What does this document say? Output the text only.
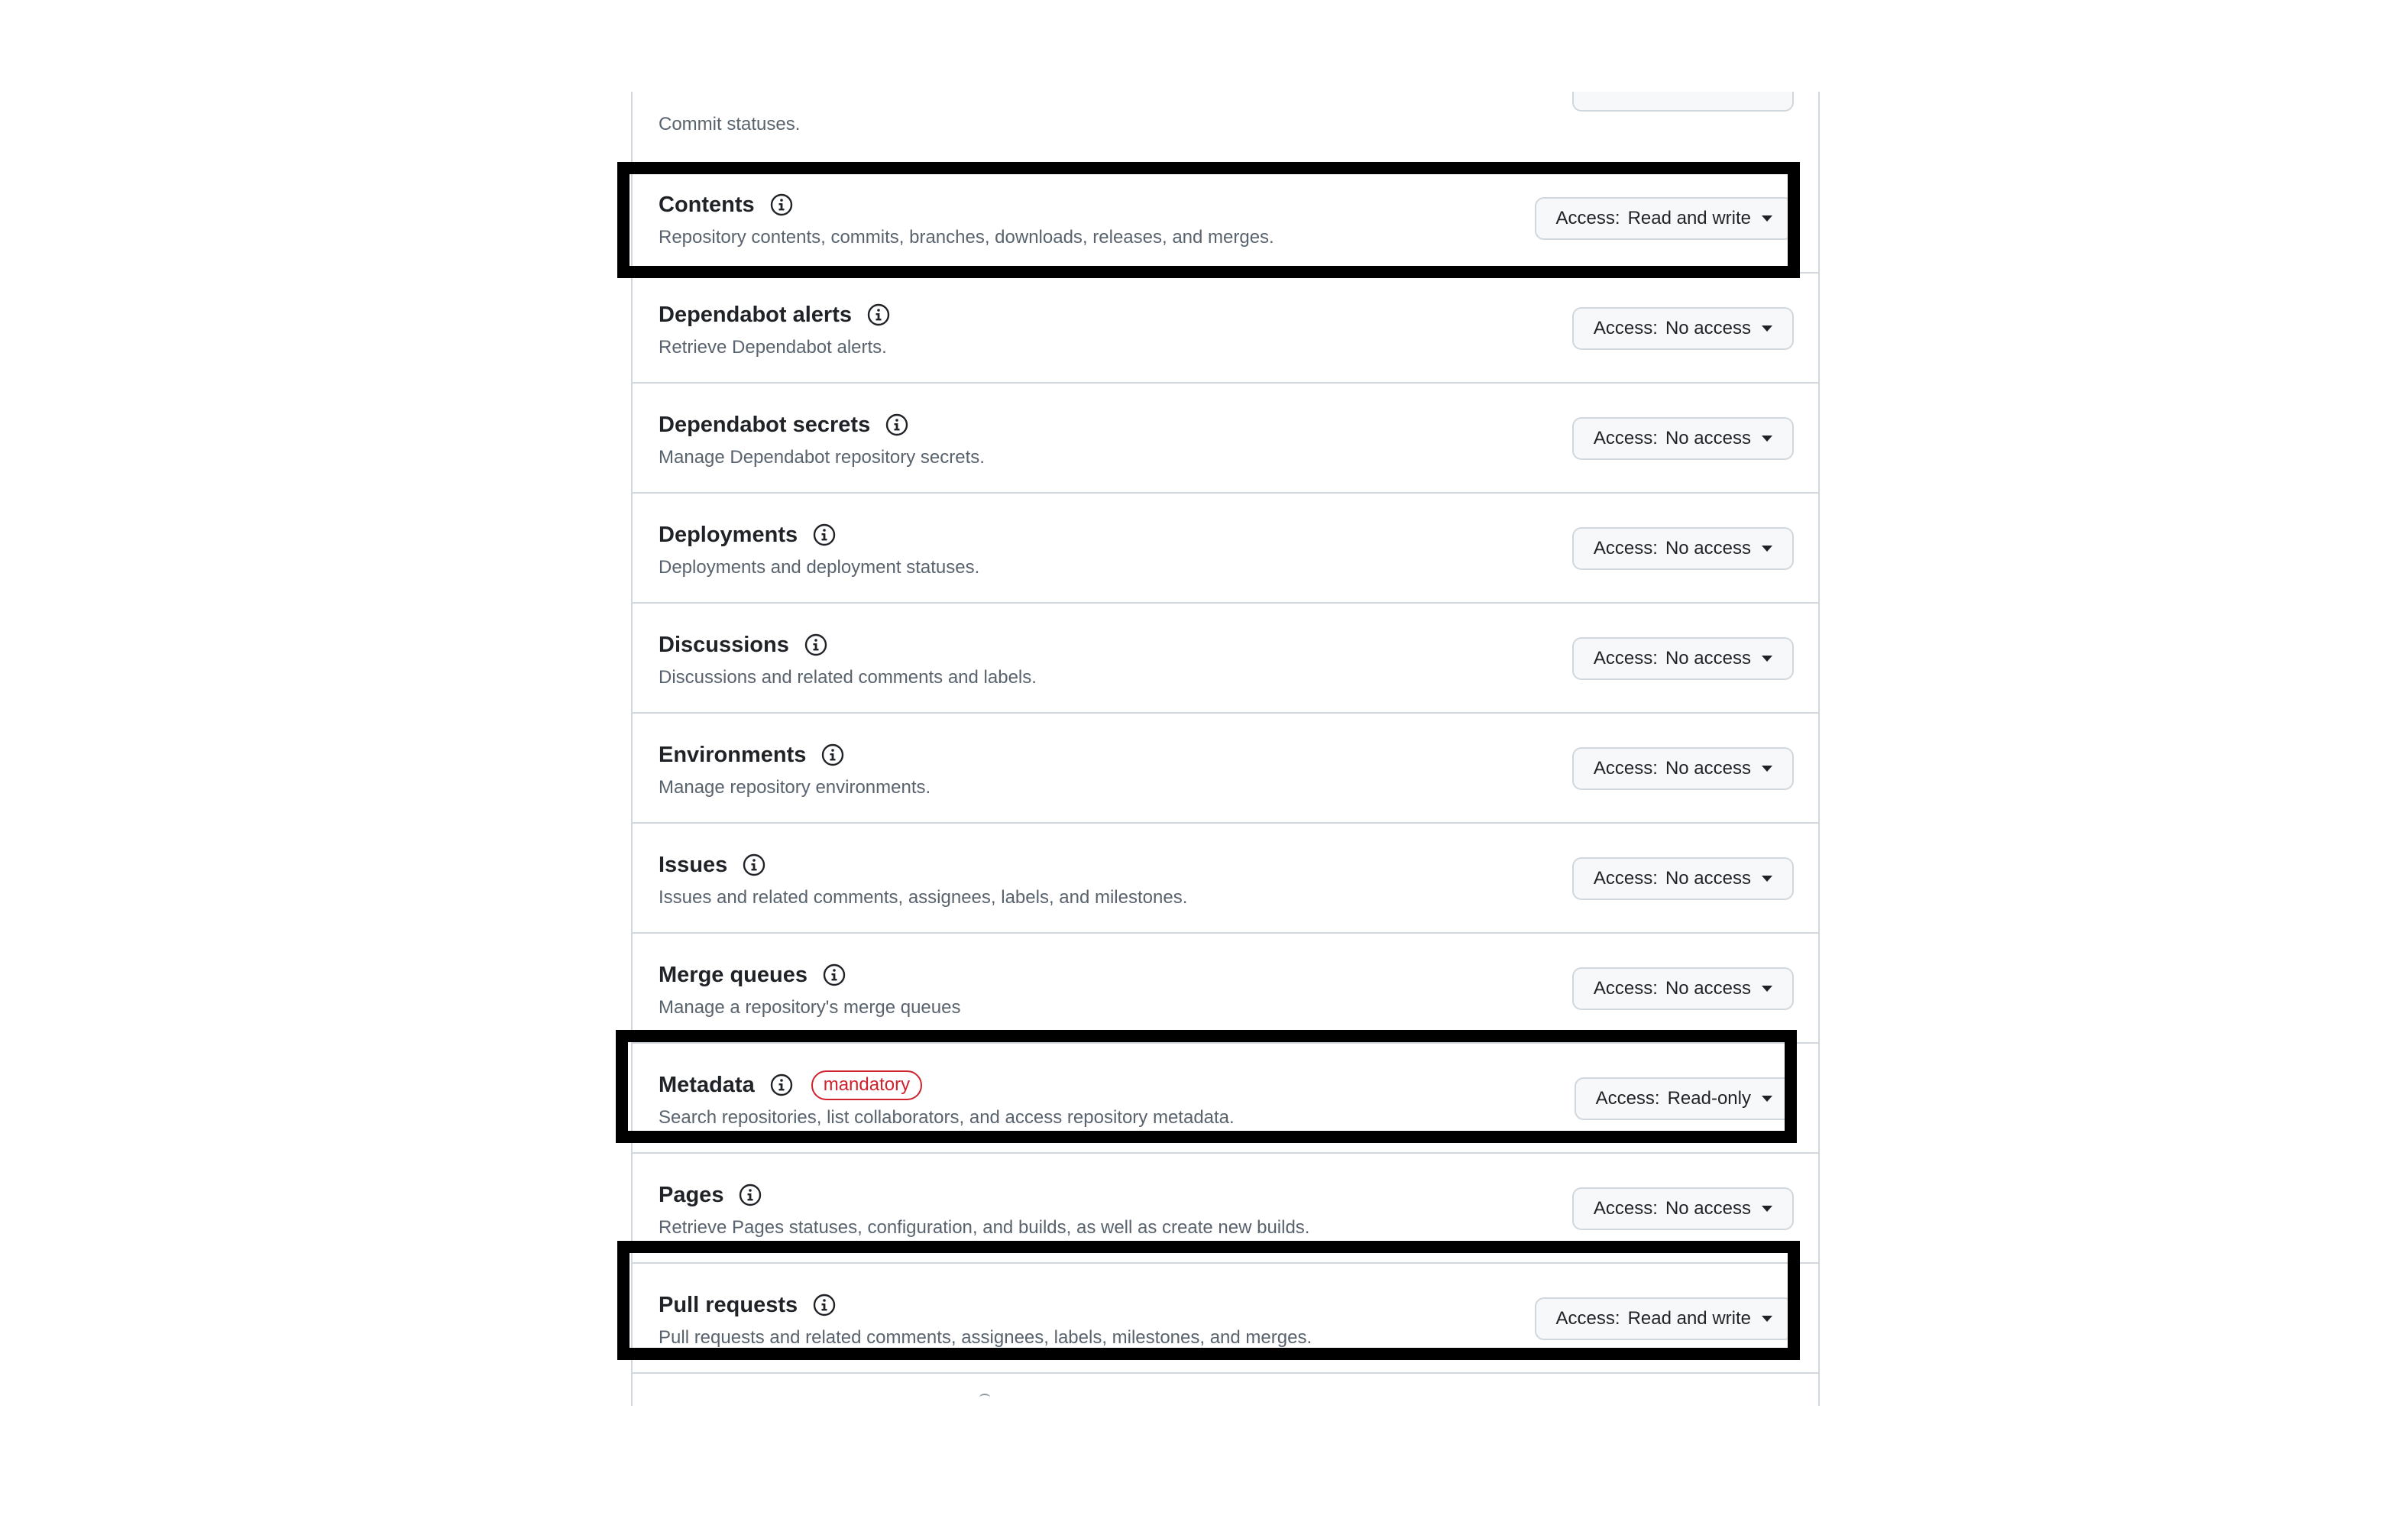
Commit statuses.
Contents
Repository contents, commits, branches, downloads, releases, and merges.
Access: Read and write
Dependabot alerts
Retrieve Dependabot alerts.
Access: No access
Dependabot secrets
Manage Dependabot repository secrets.
Access: No access
Deployments
Deployments and deployment statuses.
Access: No access
Discussions
Discussions and related comments and labels.
Access: No access
Environments
Manage repository environments.
Access: No access
Issues
Issues and related comments, assignees, labels, and milestones.
Access: No access
Merge queues
Manage a repository's merge queues
Access: No access
Metadata	mandatory
Search repositories, list collaborators, and access repository metadata.
Access: Read-only
Pages
Retrieve Pages statuses, configuration, and builds, as well as create new builds.
Access: No access
Pull requests
Pull requests and related comments, assignees, labels, milestones, and merges.
Access: Read and write
